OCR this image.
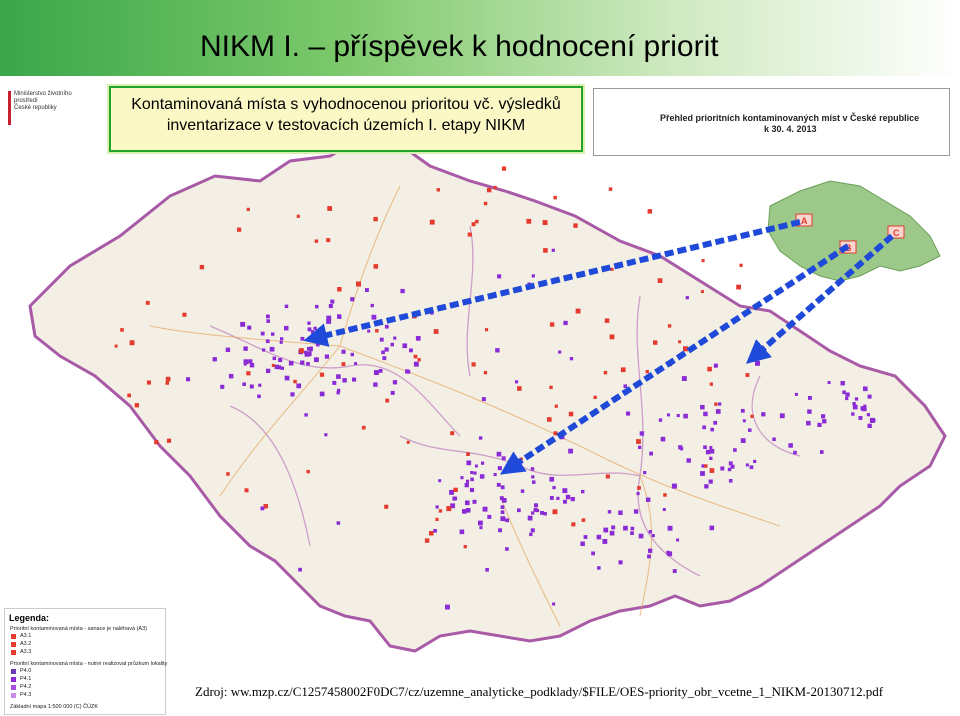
NIKM I. – příspěvek k hodnocení priorit
A
B
C
Ministerstvo životního prostředí
České republiky	Kontaminovaná místa s vyhodnocenou prioritou vč. výsledků
inventarizace v testovacích územích I. etapy NIKM	Přehled prioritních kontaminovaných míst v České republice
k 30. 4. 2013
Legenda:
Prioritní kontaminovaná místa - sanace je naléhavá (A3)
A3.1
A3.2
A3.3
Prioritní kontaminovaná místa - nutné realizovat průzkum lokality
P4.0
P4.1
P4.2
P4.3
Základní mapa 1:500 000 (C) ČÚZK
Zdroj: ww.mzp.cz/C1257458002F0DC7/cz/uzemne_analyticke_podklady/$FILE/OES-priority_obr_vcetne_1_NIKM-20130712.pdf
